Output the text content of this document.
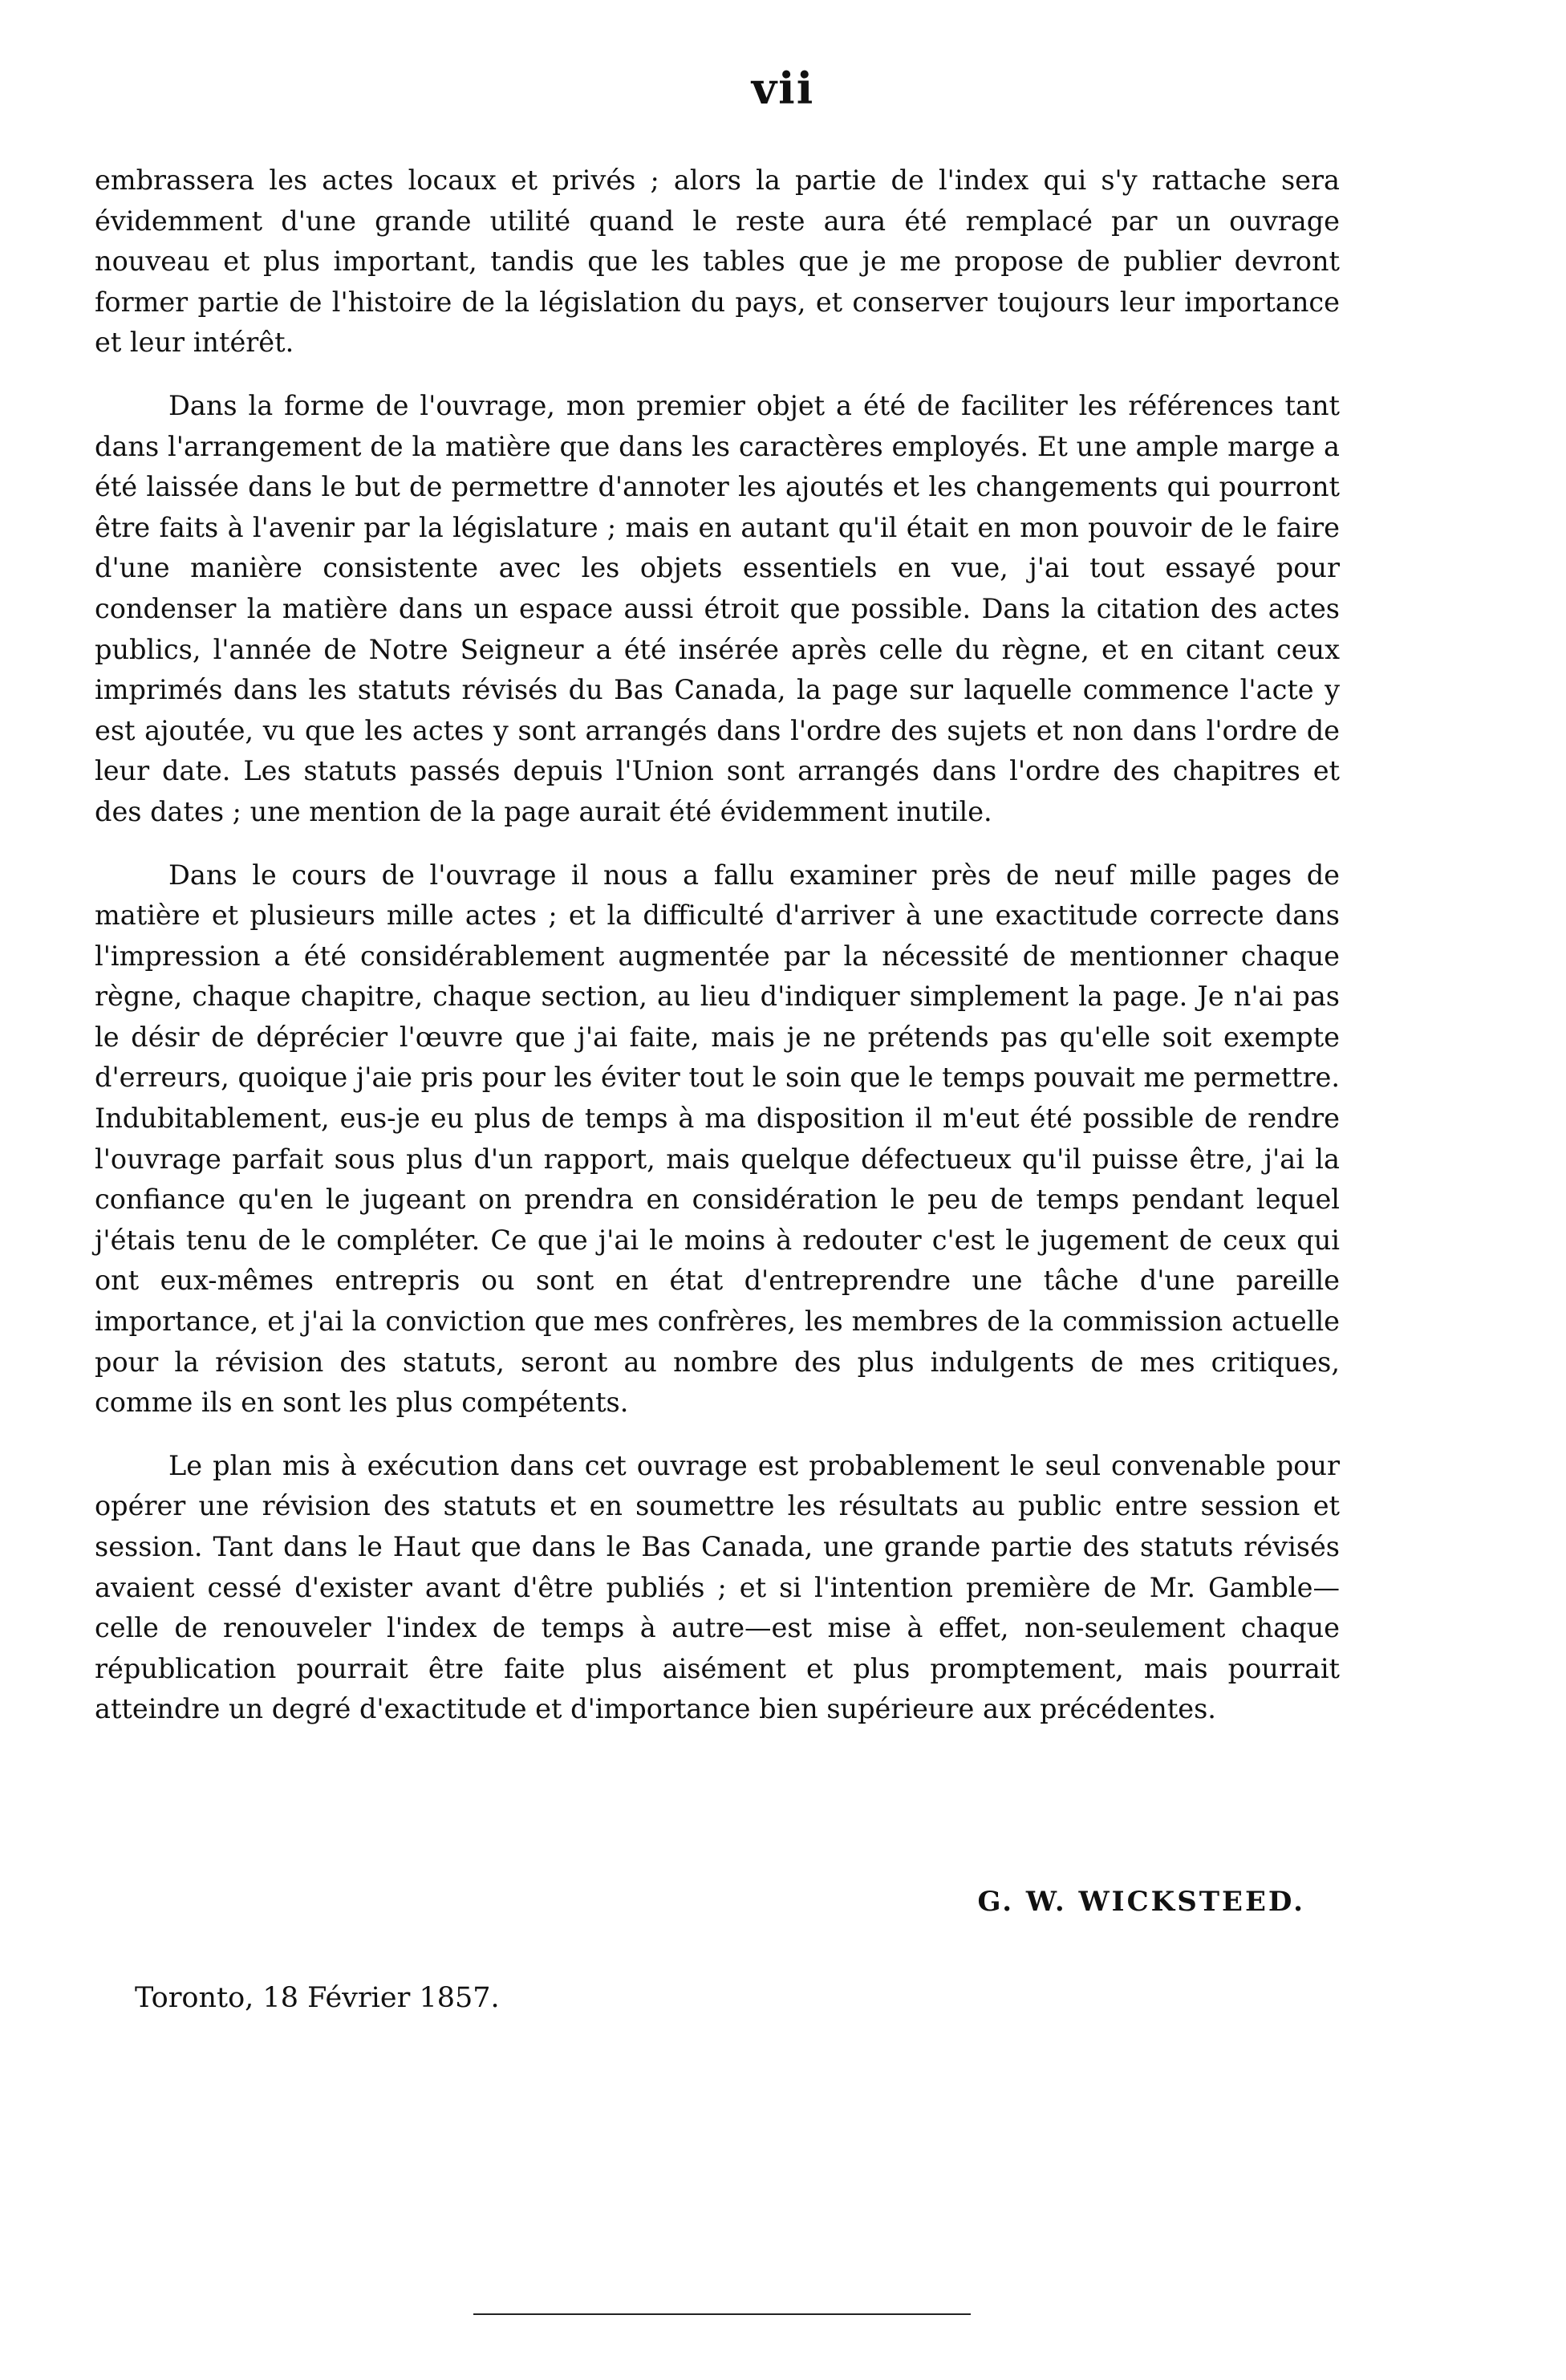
vii

embrassera les actes locaux et privés ; alors la partie de l'index qui s'y rattache sera évidemment d'une grande utilité quand le reste aura été remplacé par un ouvrage nouveau et plus important, tandis que les tables que je me propose de publier devront former partie de l'histoire de la législation du pays, et conserver toujours leur importance et leur intérêt.

Dans la forme de l'ouvrage, mon premier objet a été de faciliter les références tant dans l'arrangement de la matière que dans les caractères employés. Et une ample marge a été laissée dans le but de permettre d'annoter les ajoutés et les changements qui pourront être faits à l'avenir par la législature ; mais en autant qu'il était en mon pouvoir de le faire d'une manière consistente avec les objets essentiels en vue, j'ai tout essayé pour condenser la matière dans un espace aussi étroit que possible. Dans la citation des actes publics, l'année de Notre Seigneur a été insérée après celle du règne, et en citant ceux imprimés dans les statuts révisés du Bas Canada, la page sur laquelle commence l'acte y est ajoutée, vu que les actes y sont arrangés dans l'ordre des sujets et non dans l'ordre de leur date. Les statuts passés depuis l'Union sont arrangés dans l'ordre des chapitres et des dates ; une mention de la page aurait été évidemment inutile.

Dans le cours de l'ouvrage il nous a fallu examiner près de neuf mille pages de matière et plusieurs mille actes ; et la difficulté d'arriver à une exactitude correcte dans l'impression a été considérablement augmentée par la nécessité de mentionner chaque règne, chaque chapitre, chaque section, au lieu d'indiquer simplement la page. Je n'ai pas le désir de déprécier l'œuvre que j'ai faite, mais je ne prétends pas qu'elle soit exempte d'erreurs, quoique j'aie pris pour les éviter tout le soin que le temps pouvait me permettre. Indubitablement, eus-je eu plus de temps à ma disposition il m'eut été possible de rendre l'ouvrage parfait sous plus d'un rapport, mais quelque défectueux qu'il puisse être, j'ai la confiance qu'en le jugeant on prendra en considération le peu de temps pendant lequel j'étais tenu de le compléter. Ce que j'ai le moins à redouter c'est le jugement de ceux qui ont eux-mêmes entrepris ou sont en état d'entreprendre une tâche d'une pareille importance, et j'ai la conviction que mes confrères, les membres de la commission actuelle pour la révision des statuts, seront au nombre des plus indulgents de mes critiques, comme ils en sont les plus compétents.

Le plan mis à exécution dans cet ouvrage est probablement le seul convenable pour opérer une révision des statuts et en soumettre les résultats au public entre session et session. Tant dans le Haut que dans le Bas Canada, une grande partie des statuts révisés avaient cessé d'exister avant d'être publiés ; et si l'intention première de Mr. Gamble—celle de renouveler l'index de temps à autre—est mise à effet, non-seulement chaque républication pourrait être faite plus aisément et plus promptement, mais pourrait atteindre un degré d'exactitude et d'importance bien supérieure aux précédentes.

G. W. WICKSTEED.
Toronto, 18 Février 1857.
